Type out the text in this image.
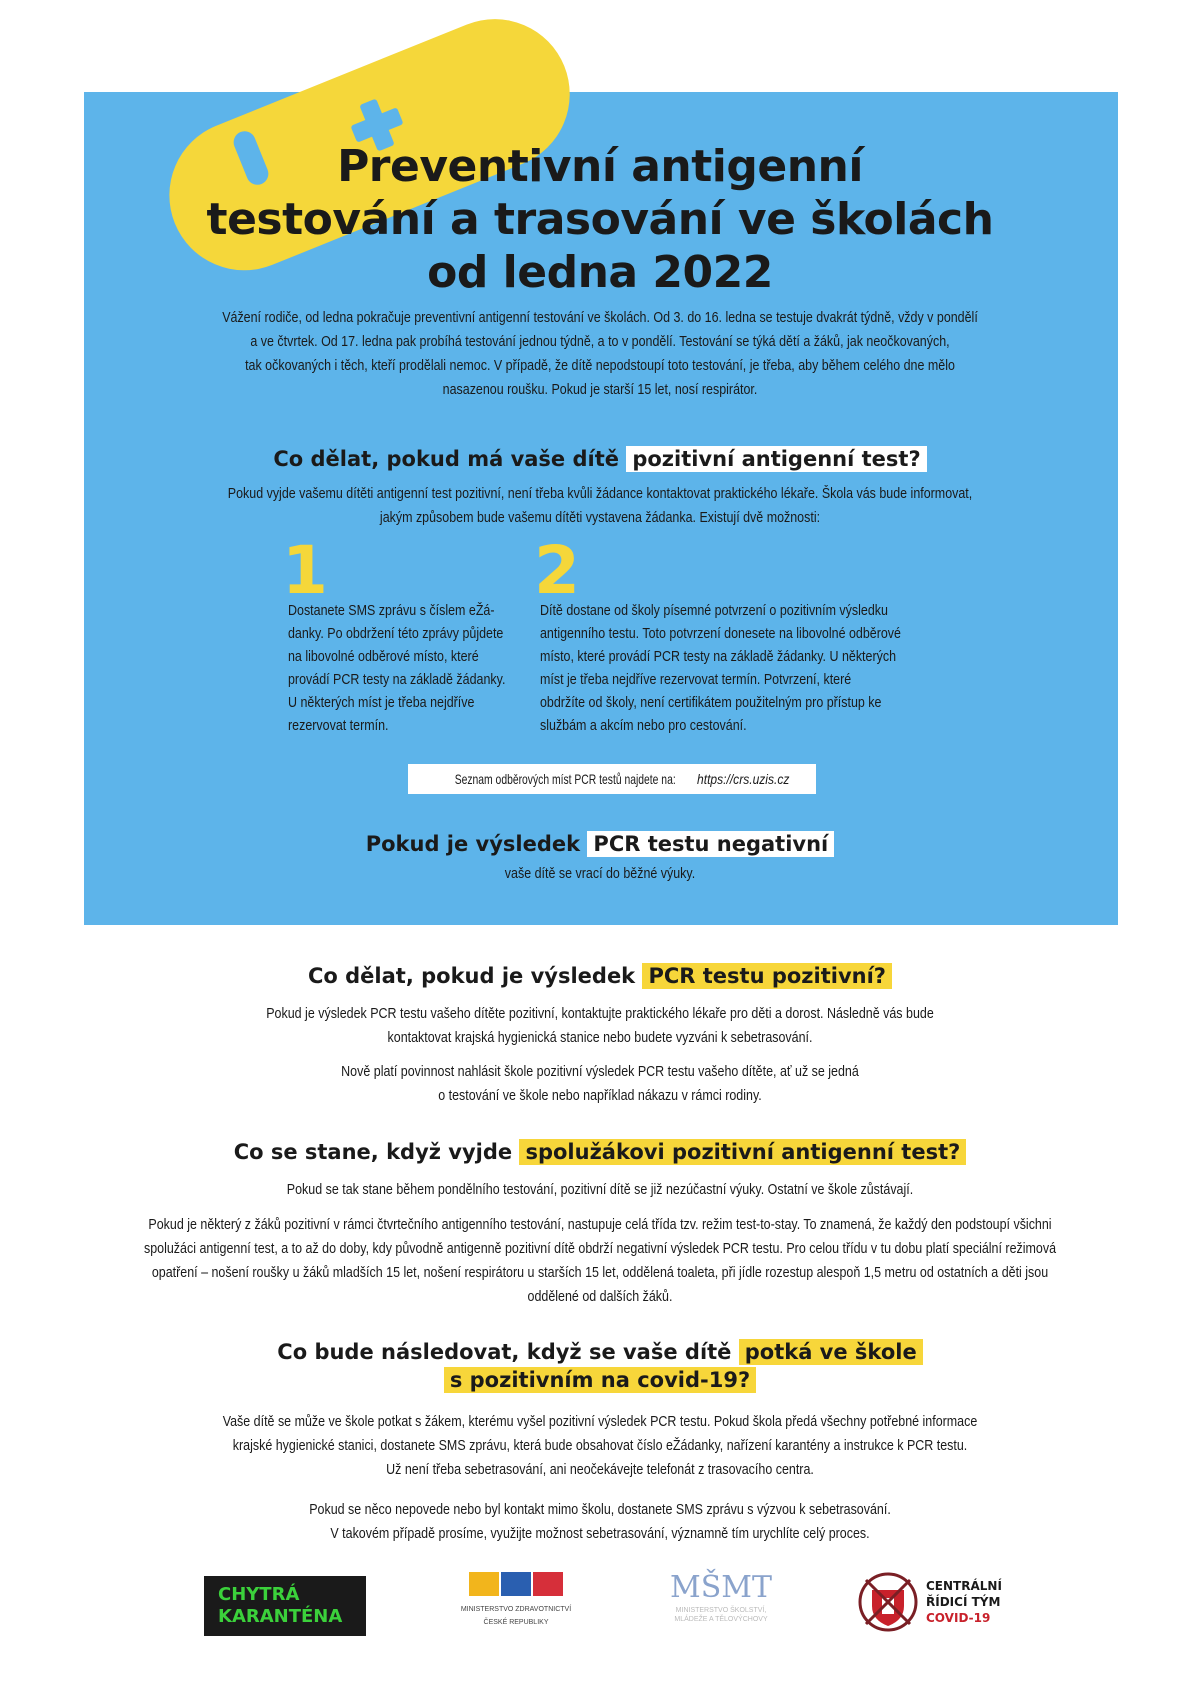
Preventivní antigenní
testování a trasování ve školách
od ledna 2022
Vážení rodiče, od ledna pokračuje preventivní antigenní testování ve školách. Od 3. do 16. ledna se testuje dvakrát týdně, vždy v pondělí
a ve čtvrtek. Od 17. ledna pak probíhá testování jednou týdně, a to v pondělí. Testování se týká dětí a žáků, jak neočkovaných,
tak očkovaných i těch, kteří prodělali nemoc. V případě, že dítě nepodstoupí toto testování, je třeba, aby během celého dne mělo
nasazenou roušku. Pokud je starší 15 let, nosí respirátor.
Co dělat, pokud má vaše dítě pozitivní antigenní test?
Pokud vyjde vašemu dítěti antigenní test pozitivní, není třeba kvůli žádance kontaktovat praktického lékaře. Škola vás bude informovat,
jakým způsobem bude vašemu dítěti vystavena žádanka. Existují dvě možnosti:
1
Dostanete SMS zprávu s číslem eŽá-
danky. Po obdržení této zprávy půjdete
na libovolné odběrové místo, které
provádí PCR testy na základě žádanky.
U některých míst je třeba nejdříve
rezervovat termín.
2
Dítě dostane od školy písemné potvrzení o pozitivním výsledku
antigenního testu. Toto potvrzení donesete na libovolné odběrové
místo, které provádí PCR testy na základě žádanky. U některých
míst je třeba nejdříve rezervovat termín. Potvrzení, které
obdržíte od školy, není certifikátem použitelným pro přístup ke
službám a akcím nebo pro cestování.
Seznam odběrových míst PCR testů najdete na: https://crs.uzis.cz
Pokud je výsledek PCR testu negativní
vaše dítě se vrací do běžné výuky.
Co dělat, pokud je výsledek PCR testu pozitivní?
Pokud je výsledek PCR testu vašeho dítěte pozitivní, kontaktujte praktického lékaře pro děti a dorost. Následně vás bude
kontaktovat krajská hygienická stanice nebo budete vyzváni k sebetrasování.
Nově platí povinnost nahlásit škole pozitivní výsledek PCR testu vašeho dítěte, ať už se jedná
o testování ve škole nebo například nákazu v rámci rodiny.
Co se stane, když vyjde spolužákovi pozitivní antigenní test?
Pokud se tak stane během pondělního testování, pozitivní dítě se již nezúčastní výuky. Ostatní ve škole zůstávají.
Pokud je některý z žáků pozitivní v rámci čtvrtečního antigenního testování, nastupuje celá třída tzv. režim test-to-stay. To znamená, že každý den podstoupí všichni
spolužáci antigenní test, a to až do doby, kdy původně antigenně pozitivní dítě obdrží negativní výsledek PCR testu. Pro celou třídu v tu dobu platí speciální režimová
opatření – nošení roušky u žáků mladších 15 let, nošení respirátoru u starších 15 let, oddělená toaleta, při jídle rozestup alespoň 1,5 metru od ostatních a děti jsou
oddělené od dalších žáků.
Co bude následovat, když se vaše dítě potká ve škole
s pozitivním na covid-19?
Vaše dítě se může ve škole potkat s žákem, kterému vyšel pozitivní výsledek PCR testu. Pokud škola předá všechny potřebné informace
krajské hygienické stanici, dostanete SMS zprávu, která bude obsahovat číslo eŽádanky, nařízení karantény a instrukce k PCR testu.
Už není třeba sebetrasování, ani neočekávejte telefonát z trasovacího centra.
Pokud se něco nepovede nebo byl kontakt mimo školu, dostanete SMS zprávu s výzvou k sebetrasování.
V takovém případě prosíme, využijte možnost sebetrasování, významně tím urychlíte celý proces.
CHYTRÁ
KARANTÉNA	MINISTERSTVO ZDRAVOTNICTVÍ
ČESKÉ REPUBLIKY
MŠMT
MINISTERSTVO ŠKOLSTVÍ, MLÁDEŽE A TĚLOVÝCHOVY
CENTRÁLNÍ
ŘÍDICÍ TÝM
COVID-19
